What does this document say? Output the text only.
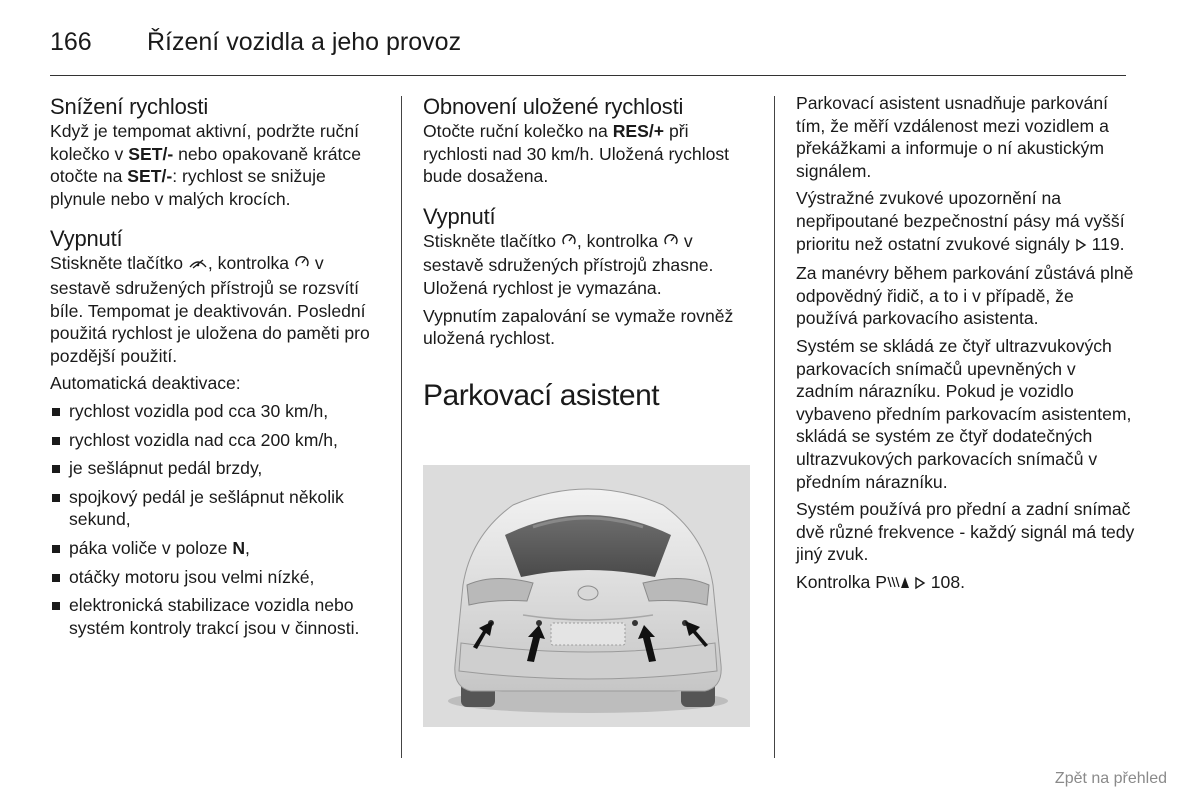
166 Řízení vozidla a jeho provoz
Snížení rychlosti

Když je tempomat aktivní, podržte ruční kolečko v SET/- nebo opakovaně krátce otočte na SET/-: rychlost se snižuje plynule nebo v malých krocích.

Vypnutí

Stiskněte tlačítko , kontrolka  v sestavě sdružených přístrojů se rozsvítí bíle. Tempomat je deaktivován. Poslední použitá rychlost je uložena do paměti pro pozdější použití.

Automatická deaktivace:

rychlost vozidla pod cca 30 km/h,
rychlost vozidla nad cca 200 km/h,
je sešlápnut pedál brzdy,
spojkový pedál je sešlápnut několik sekund,
páka voliče v poloze N,
otáčky motoru jsou velmi nízké,
elektronická stabilizace vozidla nebo systém kontroly trakcí jsou v činnosti.
Obnovení uložené rychlosti

Otočte ruční kolečko na RES/+ při rychlosti nad 30 km/h. Uložená rychlost bude dosažena.

Vypnutí

Stiskněte tlačítko , kontrolka  v sestavě sdružených přístrojů zhasne. Uložená rychlost je vymazána.

Vypnutím zapalování se vymaže rovněž uložená rychlost.

Parkovací asistent

Parkovací asistent usnadňuje parkování tím, že měří vzdálenost mezi vozidlem a překážkami a informuje o ní akustickým signálem.

Výstražné zvukové upozornění na nepřipoutané bezpečnostní pásy má vyšší prioritu než ostatní zvukové signály  119.

Za manévry během parkování zůstává plně odpovědný řidič, a to i v případě, že používá parkovacího asistenta.

Systém se skládá ze čtyř ultrazvukových parkovacích snímačů upevněných v zadním nárazníku. Pokud je vozidlo vybaveno předním parkovacím asistentem, skládá se systém ze čtyř dodatečných ultrazvukových parkovacích snímačů v předním nárazníku.

Systém používá pro přední a zadní snímač dvě různé frekvence - každý signál má tedy jiný zvuk.

Kontrolka P 108.

Zpět na přehled
